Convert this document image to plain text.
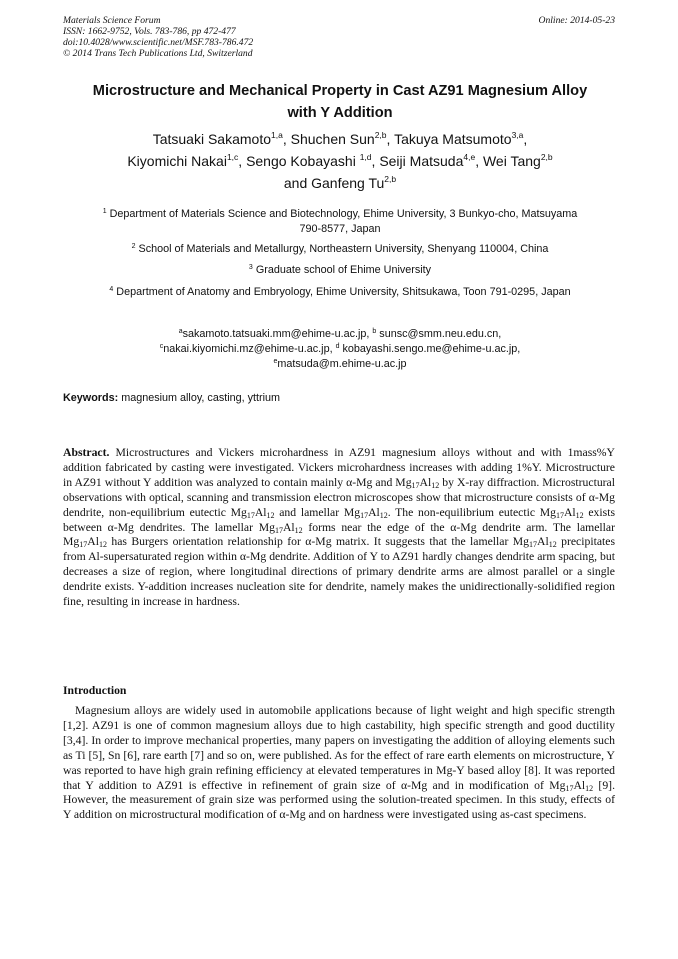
Materials Science Forum
ISSN: 1662-9752, Vols. 783-786, pp 472-477
doi:10.4028/www.scientific.net/MSF.783-786.472
© 2014 Trans Tech Publications Ltd, Switzerland
Online: 2014-05-23
Microstructure and Mechanical Property in Cast AZ91 Magnesium Alloy
with Y Addition
Tatsuaki Sakamoto$^{1,a}$, Shuchen Sun$^{2,b}$, Takuya Matsumoto$^{3,a}$,
Kiyomichi Nakai$^{1,c}$, Sengo Kobayashi $^{1,d}$, Seiji Matsuda$^{4,e}$, Wei Tang$^{2,b}$
and Ganfeng Tu$^{2,b}$
$^1$ Department of Materials Science and Biotechnology, Ehime University, 3 Bunkyo-cho, Matsuyama
790-8577, Japan
$^2$ School of Materials and Metallurgy, Northeastern University, Shenyang 110004, China
$^3$ Graduate school of Ehime University
$^4$ Department of Anatomy and Embryology, Ehime University, Shitsukawa, Toon 791-0295, Japan
$^a$sakamoto.tatsuaki.mm@ehime-u.ac.jp, $^b$ sunsc@smm.neu.edu.cn,
$^c$nakai.kiyomichi.mz@ehime-u.ac.jp, $^d$ kobayashi.sengo.me@ehime-u.ac.jp,
$^e$matsuda@m.ehime-u.ac.jp
Keywords: magnesium alloy, casting, yttrium
Abstract. Microstructures and Vickers microhardness in AZ91 magnesium alloys without and with 1mass%Y addition fabricated by casting were investigated. Vickers microhardness increases with adding 1%Y. Microstructure in AZ91 without Y addition was analyzed to contain mainly α-Mg and $Mg_{17}Al_{12}$ by X-ray diffraction. Microstructural observations with optical, scanning and transmission electron microscopes show that microstructure consists of α-Mg dendrite, non-equilibrium eutectic $Mg_{17}Al_{12}$ and lamellar $Mg_{17}Al_{12}$. The non-equilibrium eutectic $Mg_{17}Al_{12}$ exists between α-Mg dendrites. The lamellar $Mg_{17}Al_{12}$ forms near the edge of the α-Mg dendrite arm. The lamellar $Mg_{17}Al_{12}$ has Burgers orientation relationship for α-Mg matrix. It suggests that the lamellar $Mg_{17}Al_{12}$ precipitates from Al-supersaturated region within α-Mg dendrite. Addition of Y to AZ91 hardly changes dendrite arm spacing, but decreases a size of region, where longitudinal directions of primary dendrite arms are almost parallel or a single dendrite exists. Y-addition increases nucleation site for dendrite, namely makes the unidirectionally-solidified region fine, resulting in increase in hardness.
Introduction
Magnesium alloys are widely used in automobile applications because of light weight and high specific strength [1,2]. AZ91 is one of common magnesium alloys due to high castability, high specific strength and good ductility [3,4]. In order to improve mechanical properties, many papers on investigating the addition of alloying elements such as Ti [5], Sn [6], rare earth [7] and so on, were published. As for the effect of rare earth elements on microstructure, Y was reported to have high grain refining efficiency at elevated temperatures in Mg-Y based alloy [8]. It was reported that Y addition to AZ91 is effective in refinement of grain size of α-Mg and in modification of $Mg_{17}Al_{12}$ [9]. However, the measurement of grain size was performed using the solution-treated specimen. In this study, effects of Y addition on microstructural modification of α-Mg and on hardness were investigated using as-cast specimens.
